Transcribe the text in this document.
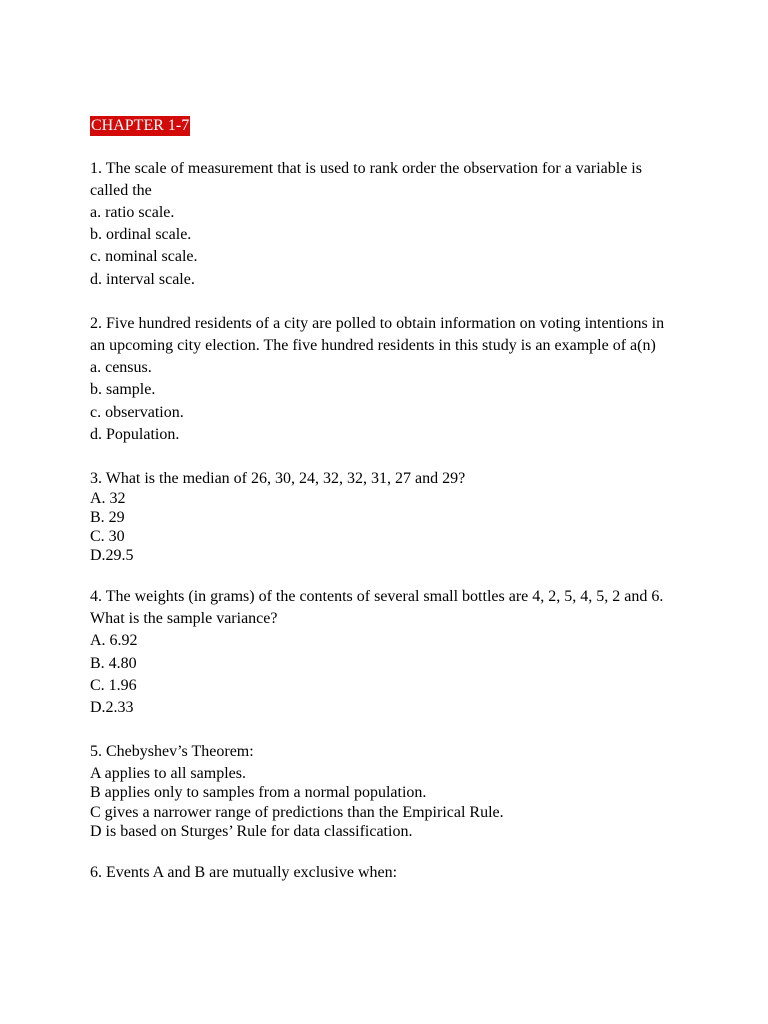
CHAPTER 1-7
1. The scale of measurement that is used to rank order the observation for a variable is
called the
a. ratio scale.
b. ordinal scale.
c. nominal scale.
d. interval scale.
2. Five hundred residents of a city are polled to obtain information on voting intentions in
an upcoming city election. The five hundred residents in this study is an example of a(n)
a. census.
b. sample.
c. observation.
d. Population.
3. What is the median of 26, 30, 24, 32, 32, 31, 27 and 29?
A. 32
B. 29
C. 30
D.29.5
4. The weights (in grams) of the contents of several small bottles are 4, 2, 5, 4, 5, 2 and 6.
What is the sample variance?
A. 6.92
B. 4.80
C. 1.96
D.2.33
5. Chebyshev’s Theorem:
A applies to all samples.
B applies only to samples from a normal population.
C gives a narrower range of predictions than the Empirical Rule.
D is based on Sturges’ Rule for data classification.
6. Events A and B are mutually exclusive when:
